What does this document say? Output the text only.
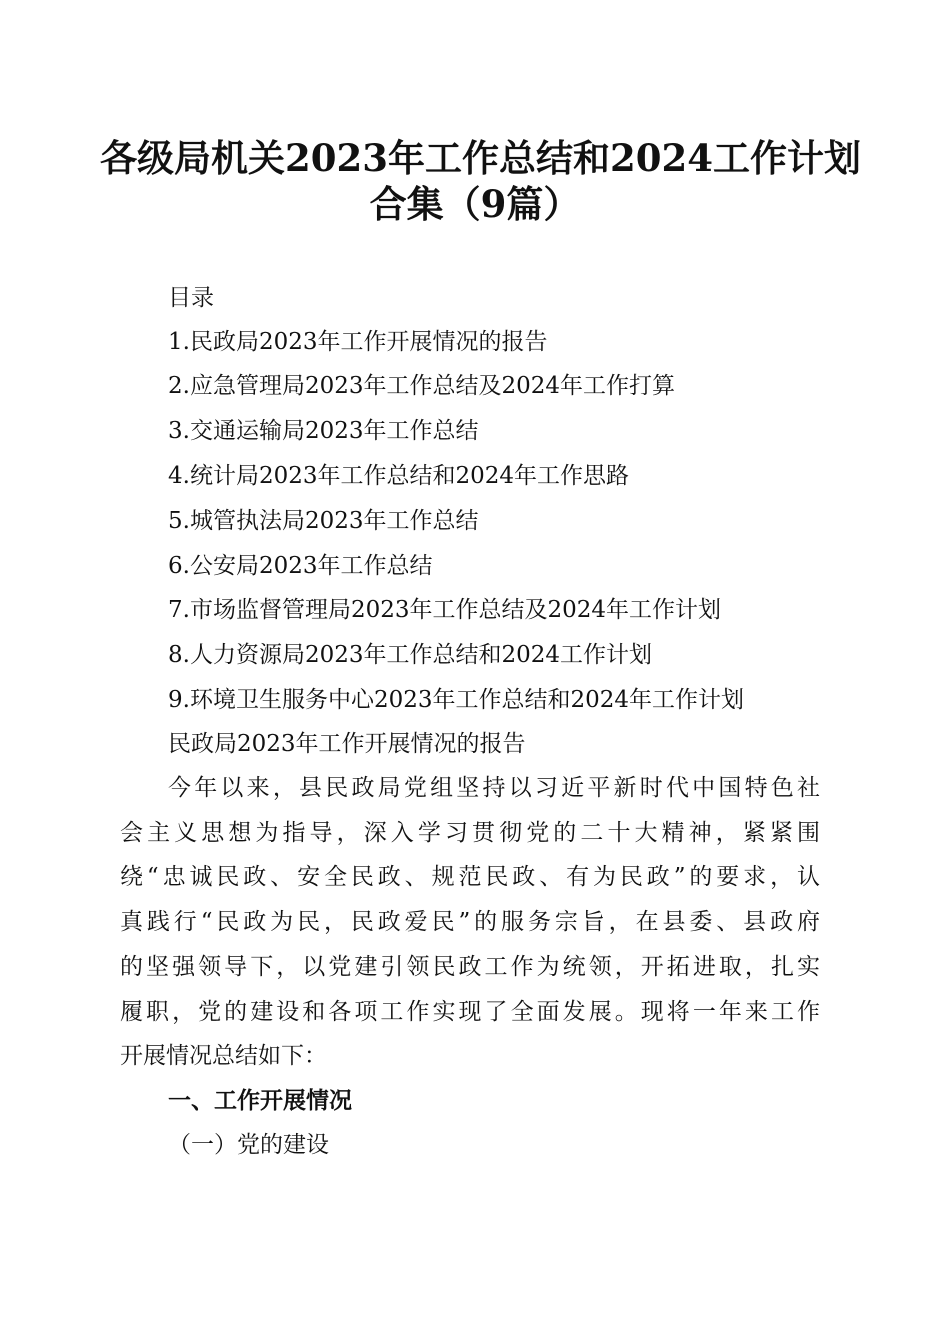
各级局机关2023年工作总结和2024工作计划
合集（9篇）
目录
1.民政局2023年工作开展情况的报告
2.应急管理局2023年工作总结及2024年工作打算
3.交通运输局2023年工作总结
4.统计局2023年工作总结和2024年工作思路
5.城管执法局2023年工作总结
6.公安局2023年工作总结
7.市场监督管理局2023年工作总结及2024年工作计划
8.人力资源局2023年工作总结和2024工作计划
9.环境卫生服务中心2023年工作总结和2024年工作计划
民政局2023年工作开展情况的报告
今年以来，县民政局党组坚持以习近平新时代中国特色社
会主义思想为指导，深入学习贯彻党的二十大精神，紧紧围
绕“忠诚民政、安全民政、规范民政、有为民政”的要求，认
真践行“民政为民，民政爱民”的服务宗旨，在县委、县政府
的坚强领导下，以党建引领民政工作为统领，开拓进取，扎实
履职，党的建设和各项工作实现了全面发展。现将一年来工作
开展情况总结如下：
一、工作开展情况
（一）党的建设
